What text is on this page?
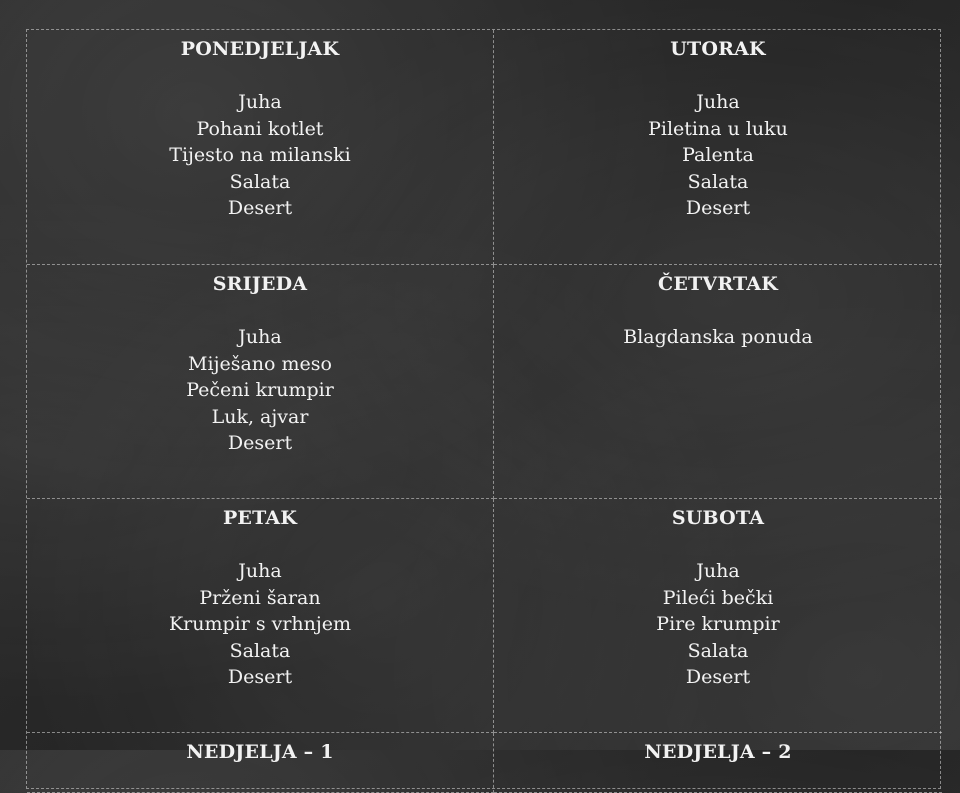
PONEDJELJAK
Juha
Pohani kotlet
Tijesto na milanski
Salata
Desert
UTORAK
Juha
Piletina u luku
Palenta
Salata
Desert
SRIJEDA
Juha
Miješano meso
Pečeni krumpir
Luk, ajvar
Desert
ČETVRTAK
Blagdanska ponuda
PETAK
Juha
Prženi šaran
Krumpir s vrhnjem
Salata
Desert
SUBOTA
Juha
Pileći bečki
Pire krumpir
Salata
Desert
NEDJELJA – 1	NEDJELJA – 2
